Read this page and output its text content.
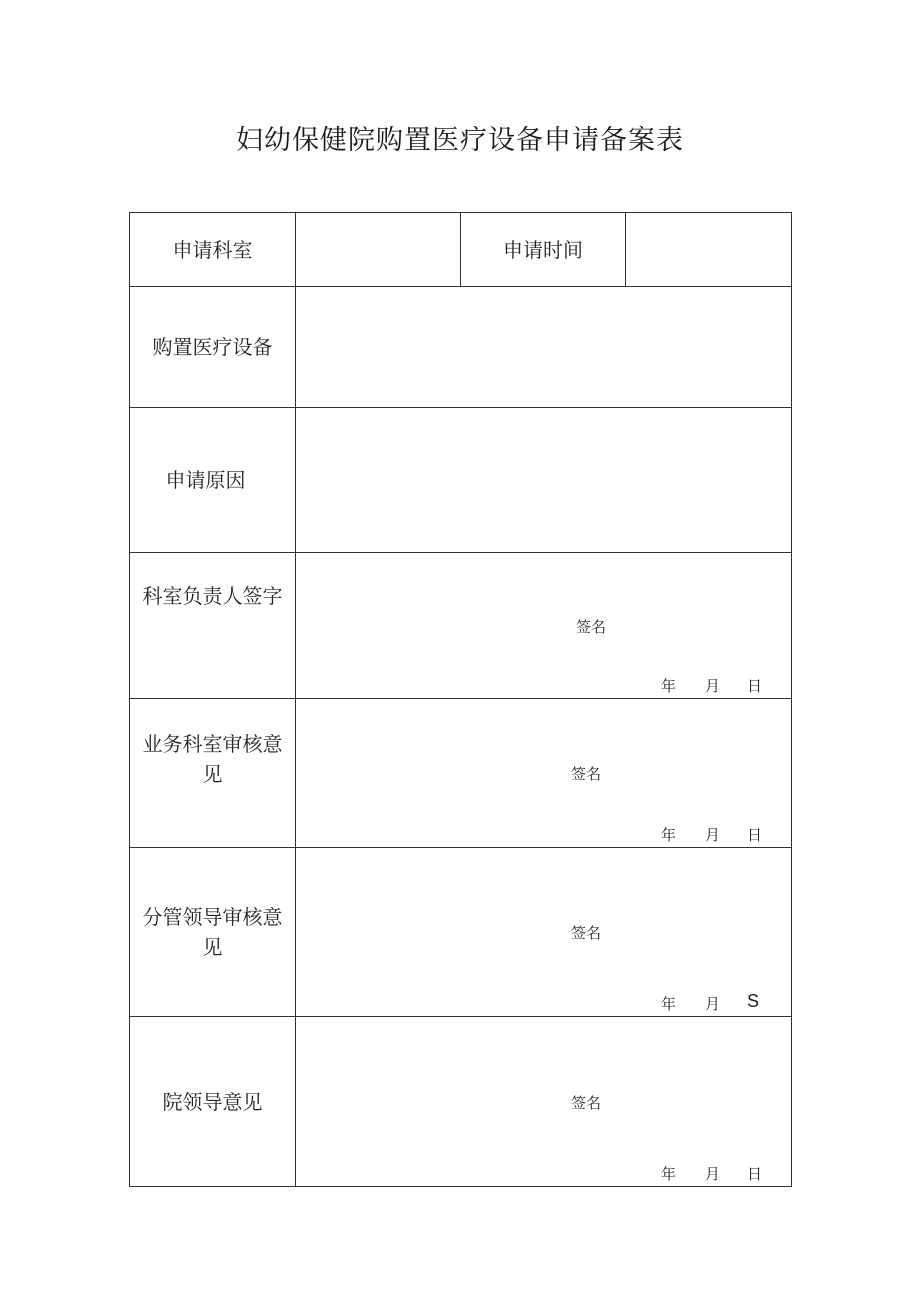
妇幼保健院购置医疗设备申请备案表
申请科室		申请时间	

购置医疗设备			

申请原因			

科室负责人签字	签名
年 月 日		

业务科室审核意见	签名
年 月 日		

分管领导审核意见	签名
年 月 S		

院领导意见	签名
年 月 日		
